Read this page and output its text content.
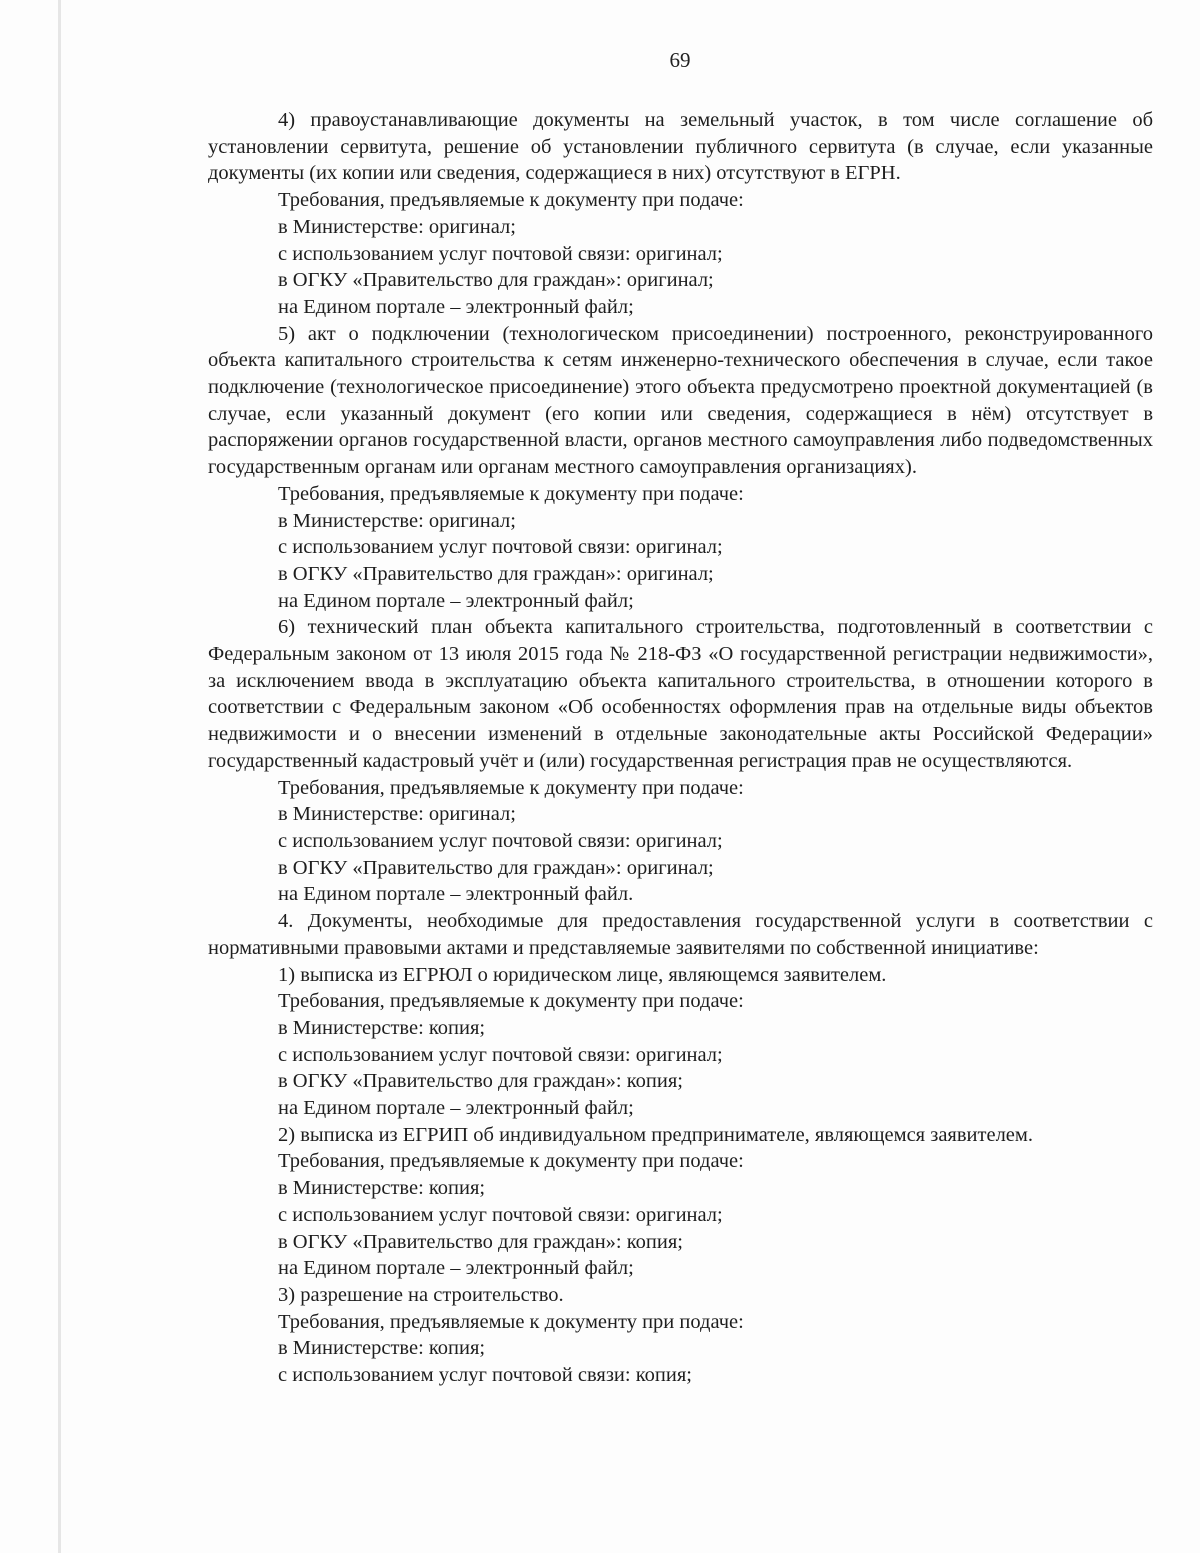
69
4) правоустанавливающие документы на земельный участок, в том числе соглашение об установлении сервитута, решение об установлении публичного сервитута (в случае, если указанные документы (их копии или сведения, содержащиеся в них) отсутствуют в ЕГРН.
Требования, предъявляемые к документу при подаче:
в Министерстве: оригинал;
с использованием услуг почтовой связи: оригинал;
в ОГКУ «Правительство для граждан»: оригинал;
на Едином портале – электронный файл;
5) акт о подключении (технологическом присоединении) построенного, реконструированного объекта капитального строительства к сетям инженерно-технического обеспечения в случае, если такое подключение (технологическое присоединение) этого объекта предусмотрено проектной документацией (в случае, если указанный документ (его копии или сведения, содержащиеся в нём) отсутствует в распоряжении органов государственной власти, органов местного самоуправления либо подведомственных государственным органам или органам местного самоуправления организациях).
Требования, предъявляемые к документу при подаче:
в Министерстве: оригинал;
с использованием услуг почтовой связи: оригинал;
в ОГКУ «Правительство для граждан»: оригинал;
на Едином портале – электронный файл;
6) технический план объекта капитального строительства, подготовленный в соответствии с Федеральным законом от 13 июля 2015 года № 218-ФЗ «О государственной регистрации недвижимости», за исключением ввода в эксплуатацию объекта капитального строительства, в отношении которого в соответствии с Федеральным законом «Об особенностях оформления прав на отдельные виды объектов недвижимости и о внесении изменений в отдельные законодательные акты Российской Федерации» государственный кадастровый учёт и (или) государственная регистрация прав не осуществляются.
Требования, предъявляемые к документу при подаче:
в Министерстве: оригинал;
с использованием услуг почтовой связи: оригинал;
в ОГКУ «Правительство для граждан»: оригинал;
на Едином портале – электронный файл.
4. Документы, необходимые для предоставления государственной услуги в соответствии с нормативными правовыми актами и представляемые заявителями по собственной инициативе:
1) выписка из ЕГРЮЛ о юридическом лице, являющемся заявителем.
Требования, предъявляемые к документу при подаче:
в Министерстве: копия;
с использованием услуг почтовой связи: оригинал;
в ОГКУ «Правительство для граждан»: копия;
на Едином портале – электронный файл;
2) выписка из ЕГРИП об индивидуальном предпринимателе, являющемся заявителем.
Требования, предъявляемые к документу при подаче:
в Министерстве: копия;
с использованием услуг почтовой связи: оригинал;
в ОГКУ «Правительство для граждан»: копия;
на Едином портале – электронный файл;
3) разрешение на строительство.
Требования, предъявляемые к документу при подаче:
в Министерстве: копия;
с использованием услуг почтовой связи: копия;
